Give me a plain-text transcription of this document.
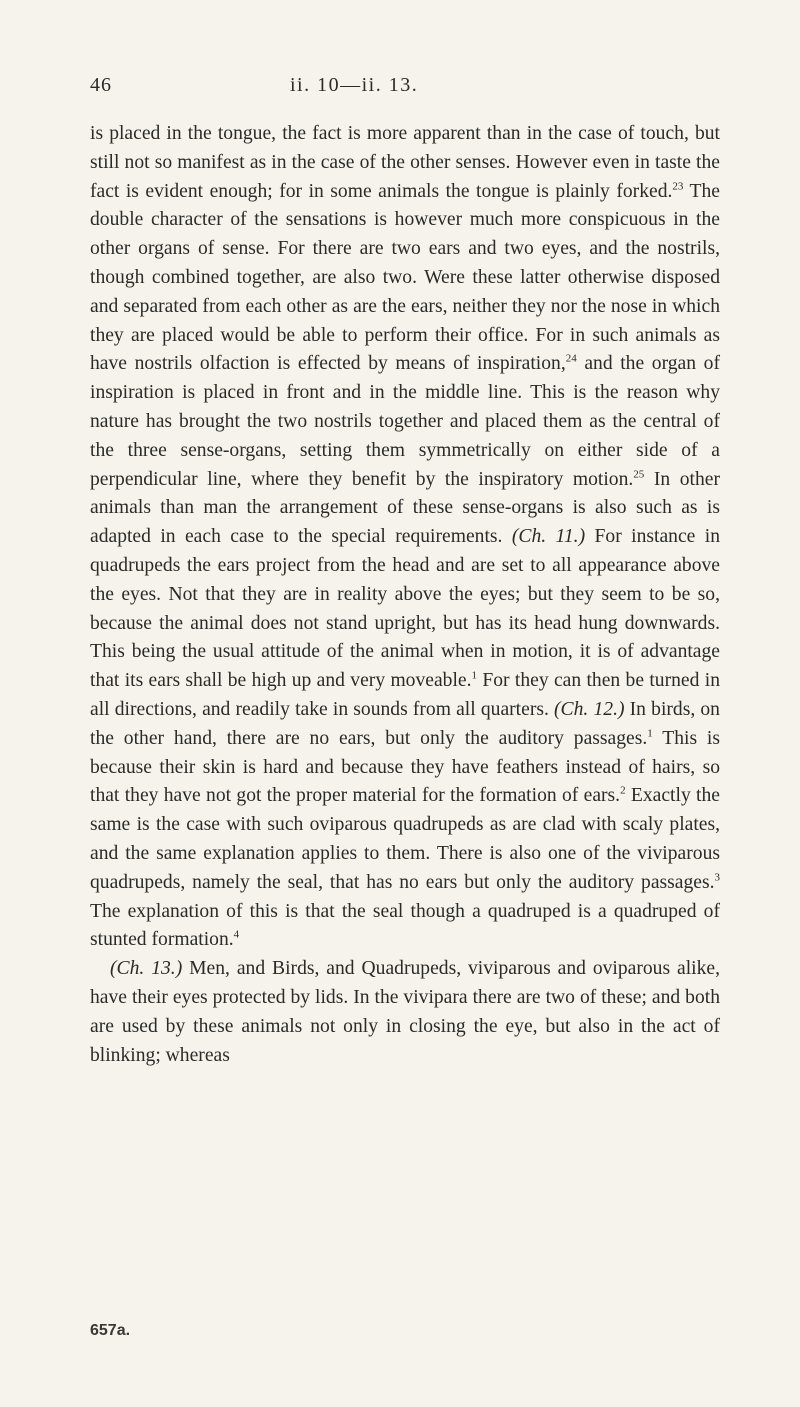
46	ii. 10—ii. 13.

is placed in the tongue, the fact is more apparent than in the case of touch, but still not so manifest as in the case of the other senses. However even in taste the fact is evident enough; for in some animals the tongue is plainly forked.$^{23}$ The double character of the sensations is however much more conspicuous in the other organs of sense. For there are two ears and two eyes, and the nostrils, though combined together, are also two. Were these latter otherwise disposed and separated from each other as are the ears, neither they nor the nose in which they are placed would be able to perform their office. For in such animals as have nostrils olfaction is effected by means of inspiration,$^{24}$ and the organ of inspiration is placed in front and in the middle line. This is the reason why nature has brought the two nostrils together and placed them as the central of the three sense-organs, setting them symmetrically on either side of a perpendicular line, where they benefit by the inspiratory motion.$^{25}$ In other animals than man the arrangement of these sense-organs is also such as is adapted in each case to the special requirements. (Ch. 11.) For instance in quadrupeds the ears project from the head and are set to all appearance above the eyes. Not that they are in reality above the eyes; but they seem to be so, because the animal does not stand upright, but has its head hung downwards. This being the usual attitude of the animal when in motion, it is of advantage that its ears shall be high up and very moveable.$^1$ For they can then be turned in all directions, and readily take in sounds from all quarters. (Ch. 12.) In birds, on the other hand, there are no ears, but only the auditory passages.$^1$ This is because their skin is hard and because they have feathers instead of hairs, so that they have not got the proper material for the formation of ears.$^2$ Exactly the same is the case with such oviparous quadrupeds as are clad with scaly plates, and the same explanation applies to them. There is also one of the viviparous quadrupeds, namely the seal, that has no ears but only the auditory passages.$^3$ The explanation of this is that the seal though a quadruped is a quadruped of stunted formation.$^4$

(Ch. 13.) Men, and Birds, and Quadrupeds, viviparous and oviparous alike, have their eyes protected by lids. In the vivipara there are two of these; and both are used by these animals not only in closing the eye, but also in the act of blinking; whereas

657a.
